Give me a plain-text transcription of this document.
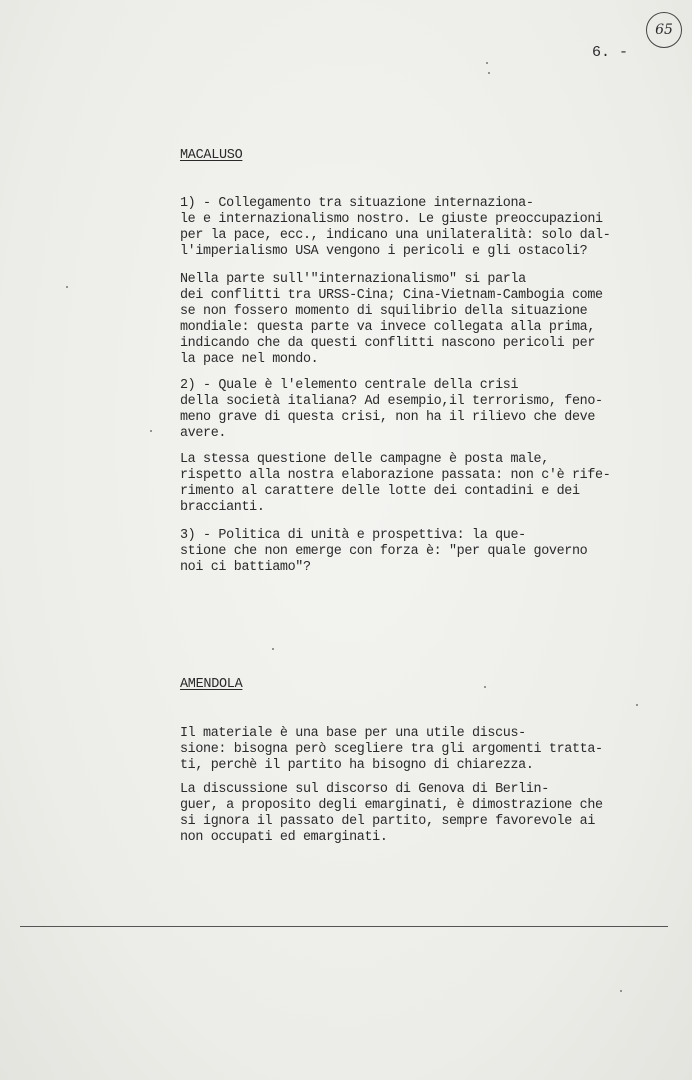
65
6. -
MACALUSO

1) - Collegamento tra situazione internaziona-
le e internazionalismo nostro. Le giuste preoccupazioni
per la pace, ecc., indicano una unilateralità: solo dal-
l'imperialismo USA vengono i pericoli e gli ostacoli?

Nella parte sull'"internazionalismo" si parla
dei conflitti tra URSS-Cina; Cina-Vietnam-Cambogia come
se non fossero momento di squilibrio della situazione
mondiale: questa parte va invece collegata alla prima,
indicando che da questi conflitti nascono pericoli per
la pace nel mondo.

2) - Quale è l'elemento centrale della crisi
della società italiana? Ad esempio,il terrorismo, feno-
meno grave di questa crisi, non ha il rilievo che deve
avere.

La stessa questione delle campagne è posta male,
rispetto alla nostra elaborazione passata: non c'è rife-
rimento al carattere delle lotte dei contadini e dei
braccianti.

3) - Politica di unità e prospettiva: la que-
stione che non emerge con forza è: "per quale governo
noi ci battiamo"?

AMENDOLA

Il materiale è una base per una utile discus-
sione: bisogna però scegliere tra gli argomenti tratta-
ti, perchè il partito ha bisogno di chiarezza.

La discussione sul discorso di Genova di Berlin-
guer, a proposito degli emarginati, è dimostrazione che
si ignora il passato del partito, sempre favorevole ai
non occupati ed emarginati.
